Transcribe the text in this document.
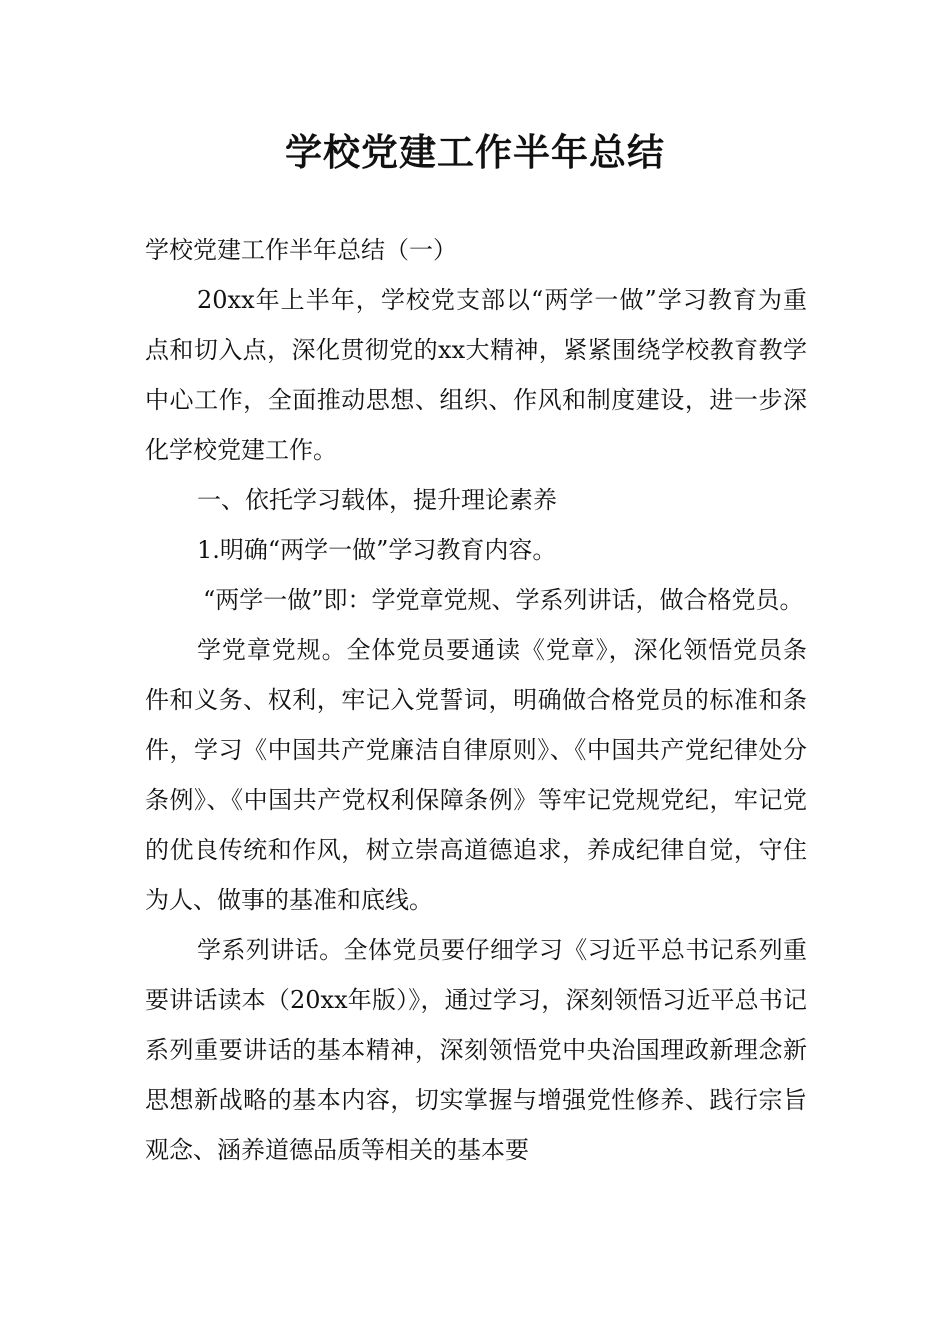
学校党建工作半年总结

学校党建工作半年总结（一）

20xx年上半年，学校党支部以“两学一做”学习教育为重点和切入点，深化贯彻党的xx大精神，紧紧围绕学校教育教学中心工作，全面推动思想、组织、作风和制度建设，进一步深化学校党建工作。

一、依托学习载体，提升理论素养

1.明确“两学一做”学习教育内容。

“两学一做”即：学党章党规、学系列讲话，做合格党员。

学党章党规。全体党员要通读《党章》，深化领悟党员条件和义务、权利，牢记入党誓词，明确做合格党员的标准和条件，学习《中国共产党廉洁自律原则》、《中国共产党纪律处分条例》、《中国共产党权利保障条例》等牢记党规党纪，牢记党的优良传统和作风，树立崇高道德追求，养成纪律自觉，守住为人、做事的基准和底线。

学系列讲话。全体党员要仔细学习《习近平总书记系列重要讲话读本（20xx年版）》，通过学习，深刻领悟习近平总书记系列重要讲话的基本精神，深刻领悟党中央治国理政新理念新思想新战略的基本内容，切实掌握与增强党性修养、践行宗旨观念、涵养道德品质等相关的基本要
